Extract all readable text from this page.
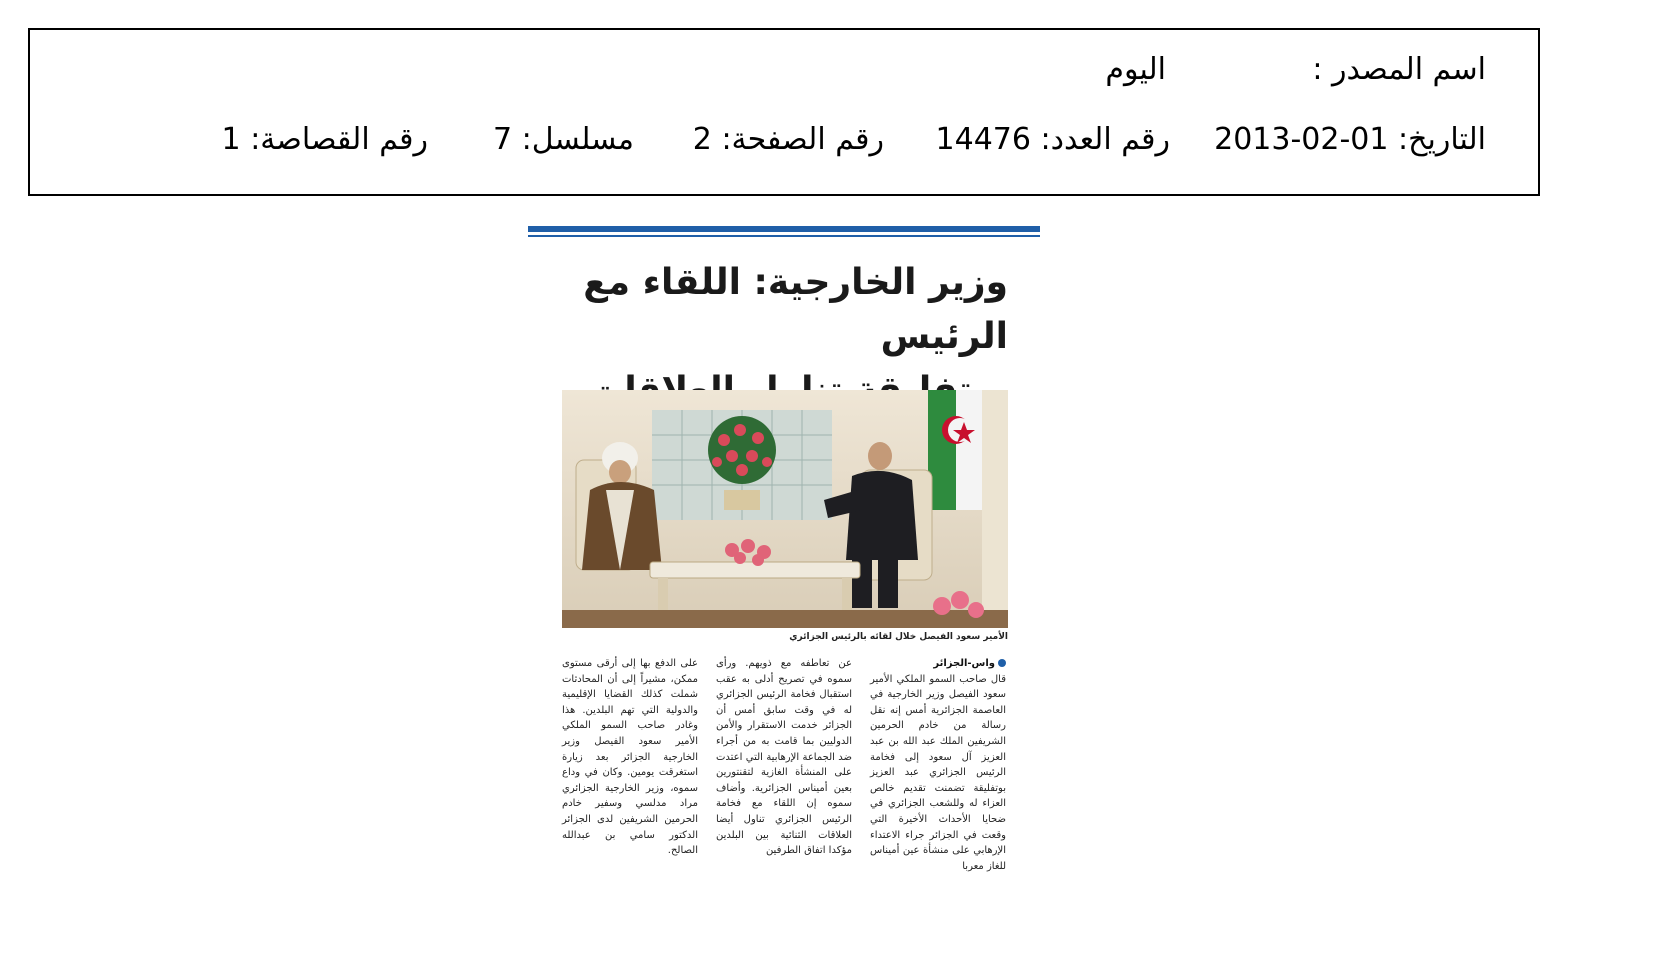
اسم المصدر :
اليوم
التاريخ: 2013-02-01
رقم العدد: 14476
رقم الصفحة: 2
مسلسل: 7
رقم القصاصة: 1
وزير الخارجية: اللقاء مع الرئيس
الأمير سعود الفيصل خلال لقائه بالرئيس الجزائري

واس-الجزائر

قال صاحب السمو الملكي الأمير سعود الفيصل وزير الخارجية في العاصمة الجزائرية أمس إنه نقل رسالة من خادم الحرمين الشريفين الملك عبد الله بن عبد العزيز آل سعود إلى فخامة الرئيس الجزائري عبد العزيز بوتفليقة تضمنت تقديم خالص العزاء له وللشعب الجزائري في ضحايا الأحداث الأخيرة التي وقعت في الجزائر جراء الاعتداء الإرهابي على منشأة عين أميناس للغاز معربا

عن تعاطفه مع ذويهم. ورأى سموه في تصريح أدلى به عقب استقبال فخامة الرئيس الجزائري له في وقت سابق أمس أن الجزائر خدمت الاستقرار والأمن الدوليين بما قامت به من أجراء ضد الجماعة الإرهابية التي اعتدت على المنشأة الغازية لتقنتورين بعين أميناس الجزائرية. وأضاف سموه إن اللقاء مع فخامة الرئيس الجزائري تناول أيضا العلاقات الثنائية بين البلدين مؤكدا اتفاق الطرفين

على الدفع بها إلى أرقى مستوى ممكن، مشيراً إلى أن المحادثات شملت كذلك القضايا الإقليمية والدولية التي تهم البلدين. هذا وغادر صاحب السمو الملكي الأمير سعود الفيصل وزير الخارجية الجزائر بعد زيارة استغرقت يومين. وكان في وداع سموه، وزير الخارجية الجزائري مراد مدلسي وسفير خادم الحرمين الشريفين لدى الجزائر الدكتور سامي بن عبدالله الصالح.
